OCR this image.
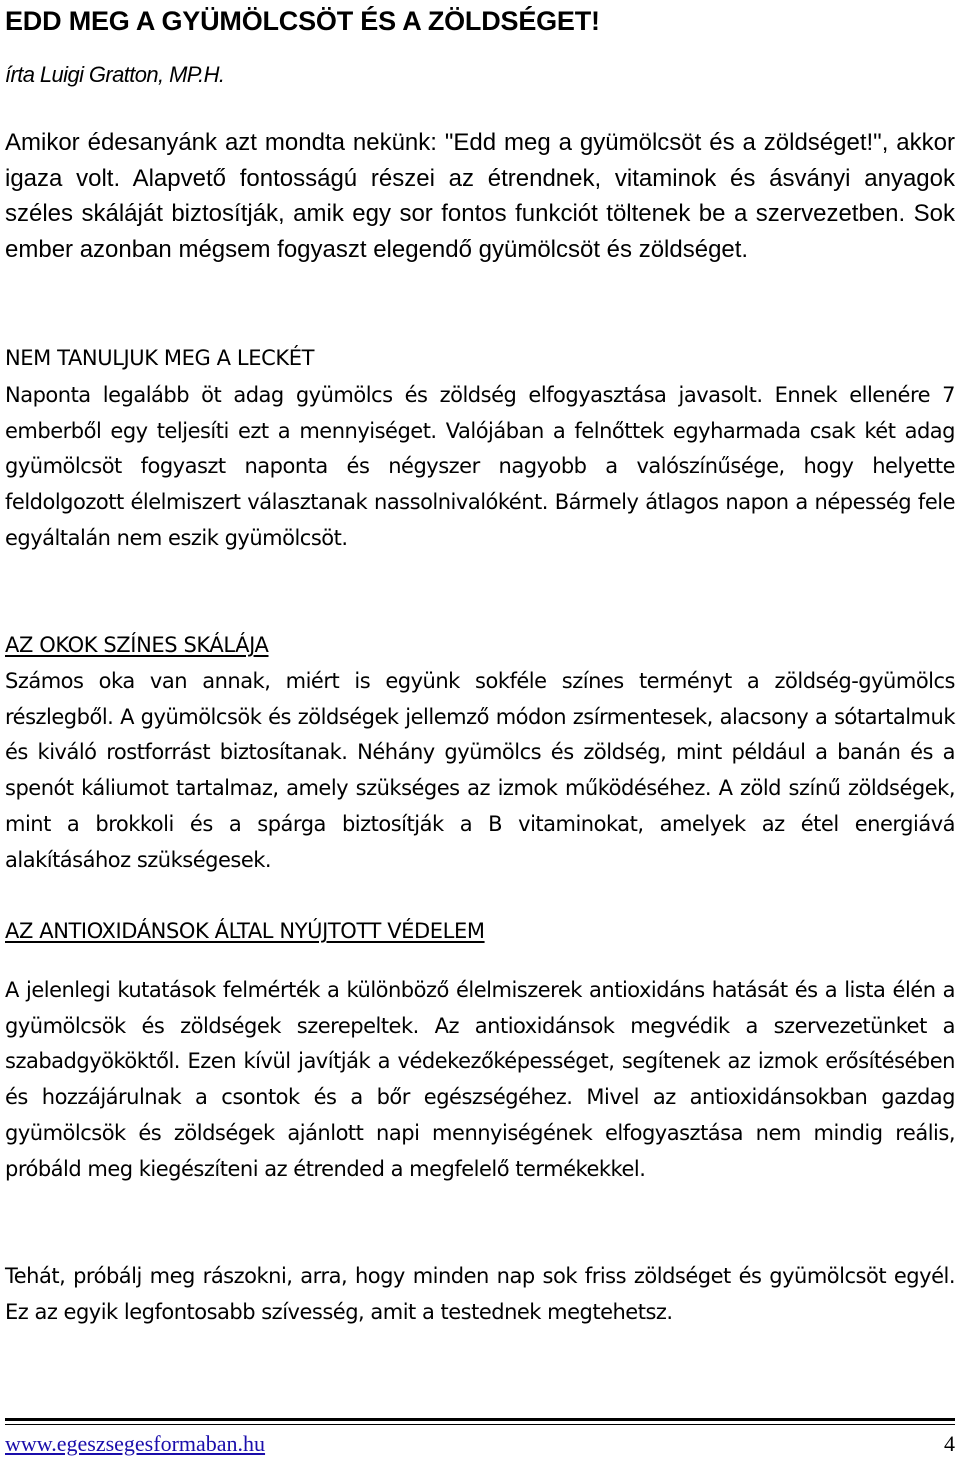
EDD MEG A GYÜMÖLCSÖT ÉS A ZÖLDSÉGET!
írta Luigi Gratton, MP.H.

Amikor édesanyánk azt mondta nekünk: "Edd meg a gyümölcsöt és a zöldséget!", akkor igaza volt. Alapvető fontosságú részei az étrendnek, vitaminok és ásványi anyagok széles skáláját biztosítják, amik egy sor fontos funkciót töltenek be a szervezetben. Sok ember azonban mégsem fogyaszt elegendő gyümölcsöt és zöldséget.

NEM TANULJUK MEG A LECKÉT

Naponta legalább öt adag gyümölcs és zöldség elfogyasztása javasolt. Ennek ellenére 7 emberből egy teljesíti ezt a mennyiséget. Valójában a felnőttek egyharmada csak két adag gyümölcsöt fogyaszt naponta és négyszer nagyobb a valószínűsége, hogy helyette feldolgozott élelmiszert választanak nassolnivalóként. Bármely átlagos napon a népesség fele egyáltalán nem eszik gyümölcsöt.

AZ OKOK SZÍNES SKÁLÁJA

Számos oka van annak, miért is együnk sokféle színes terményt a zöldség-gyümölcs részlegből. A gyümölcsök és zöldségek jellemző módon zsírmentesek, alacsony a sótartalmuk és kiváló rostforrást biztosítanak. Néhány gyümölcs és zöldség, mint például a banán és a spenót káliumot tartalmaz, amely szükséges az izmok működéséhez. A zöld színű zöldségek, mint a brokkoli és a spárga biztosítják a B vitaminokat, amelyek az étel energiává alakításához szükségesek.

AZ ANTIOXIDÁNSOK ÁLTAL NYÚJTOTT VÉDELEM

A jelenlegi kutatások felmérték a különböző élelmiszerek antioxidáns hatását és a lista élén a gyümölcsök és zöldségek szerepeltek. Az antioxidánsok megvédik a szervezetünket a szabadgyököktől. Ezen kívül javítják a védekezőképességet, segítenek az izmok erősítésében és hozzájárulnak a csontok és a bőr egészségéhez. Mivel az antioxidánsokban gazdag gyümölcsök és zöldségek ajánlott napi mennyiségének elfogyasztása nem mindig reális, próbáld meg kiegészíteni az étrended a megfelelő termékekkel.

Tehát, próbálj meg rászokni, arra, hogy minden nap sok friss zöldséget és gyümölcsöt egyél. Ez az egyik legfontosabb szívesség, amit a testednek megtehetsz.

www.egeszsegesformaban.hu	4
